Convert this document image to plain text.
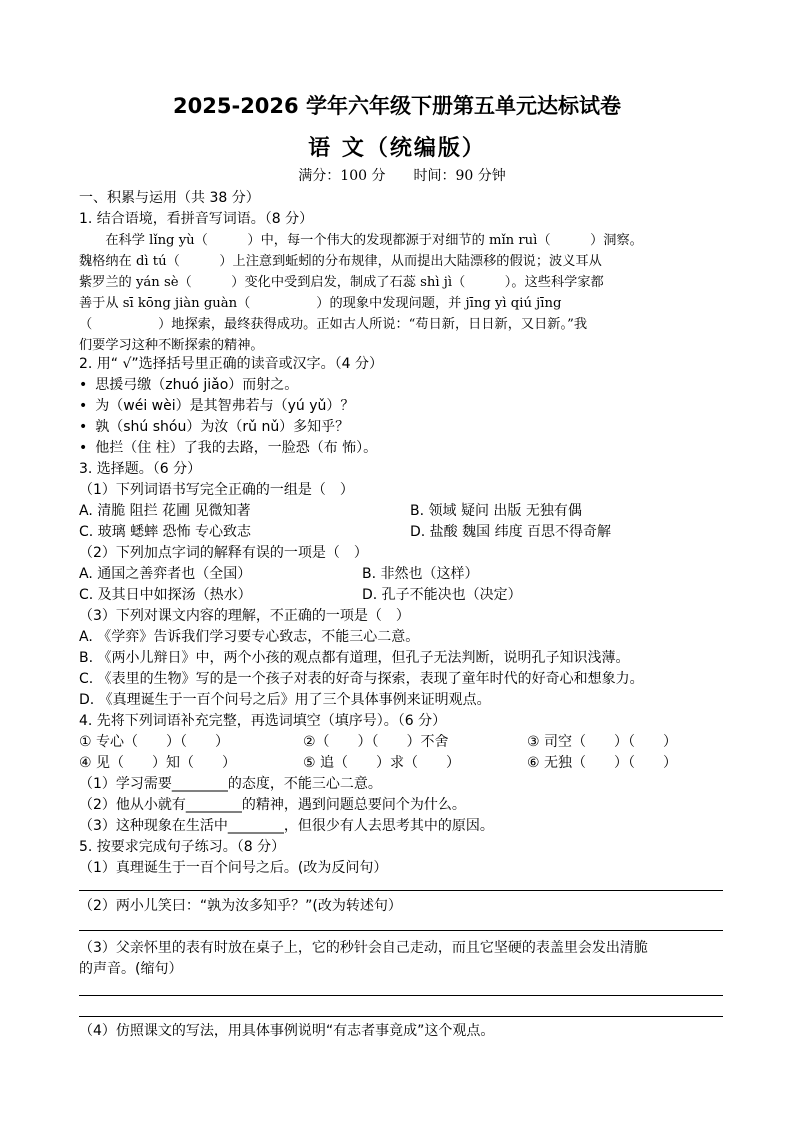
2025-2026 学年六年级下册第五单元达标试卷
语 文（统编版）
满分：100 分　　时间：90 分钟
一、积累与运用（共 38 分）
1. 结合语境，看拼音写词语。（8 分）

　　在科学 lǐng yù（　　　）中，每一个伟大的发现都源于对细节的 mǐn ruì（　　　）洞察。

魏格纳在 dì tú（　　　）上注意到蚯蚓的分布规律，从而提出大陆漂移的假说；波义耳从

紫罗兰的 yán sè（　　　）变化中受到启发，制成了石蕊 shì jì（　　　）。这些科学家都

善于从 sī kōng jiàn guàn（　　　　　）的现象中发现问题，并 jīng yì qiú jīng

（　　　　　）地探索，最终获得成功。正如古人所说：“苟日新，日日新，又日新。”我

们要学习这种不断探索的精神。

2. 用“ √”选择括号里正确的读音或汉字。（4 分）
• 思援弓缴（zhuó jiǎo）而射之。
• 为（wéi wèi）是其智弗若与（yú yǔ）？
• 孰（shú shóu）为汝（rǔ nǔ）多知乎？
• 他拦（住 柱）了我的去路，一脸恐（布 怖）。
3. 选择题。（6 分）
（1）下列词语书写完全正确的一组是（　）
A. 清脆 阻拦 花圃 见微知著	B. 领域 疑问 出版 无独有偶
C. 玻璃 蟋蟀 恐怖 专心致志	D. 盐酸 魏国 纬度 百思不得奇解
（2）下列加点字词的解释有误的一项是（　）
A. 通国之善弈者也（全国）	B. 非然也（这样）
C. 及其日中如探汤（热水）	D. 孔子不能决也（决定）
（3）下列对课文内容的理解，不正确的一项是（　）
A. 《学弈》告诉我们学习要专心致志，不能三心二意。
B. 《两小儿辩日》中，两个小孩的观点都有道理，但孔子无法判断，说明孔子知识浅薄。
C. 《表里的生物》写的是一个孩子对表的好奇与探索，表现了童年时代的好奇心和想象力。
D. 《真理诞生于一百个问号之后》用了三个具体事例来证明观点。
4. 先将下列词语补充完整，再选词填空（填序号）。（6 分）
① 专心（　　）（　　）	②（　　）（　　）不舍	③ 司空（　　）（　　）
④ 见（　　）知（　　）	⑤ 追（　　）求（　　）	⑥ 无独（　　）（　　）
（1）学习需要________的态度，不能三心二意。
（2）他从小就有________的精神，遇到问题总要问个为什么。
（3）这种现象在生活中________，但很少有人去思考其中的原因。
5. 按要求完成句子练习。（8 分）
（1）真理诞生于一百个问号之后。(改为反问句）
（2）两小儿笑曰：“孰为汝多知乎？”(改为转述句）
（3）父亲怀里的表有时放在桌子上，它的秒针会自己走动，而且它坚硬的表盖里会发出清脆
的声音。(缩句）
（4）仿照课文的写法，用具体事例说明“有志者事竟成”这个观点。
